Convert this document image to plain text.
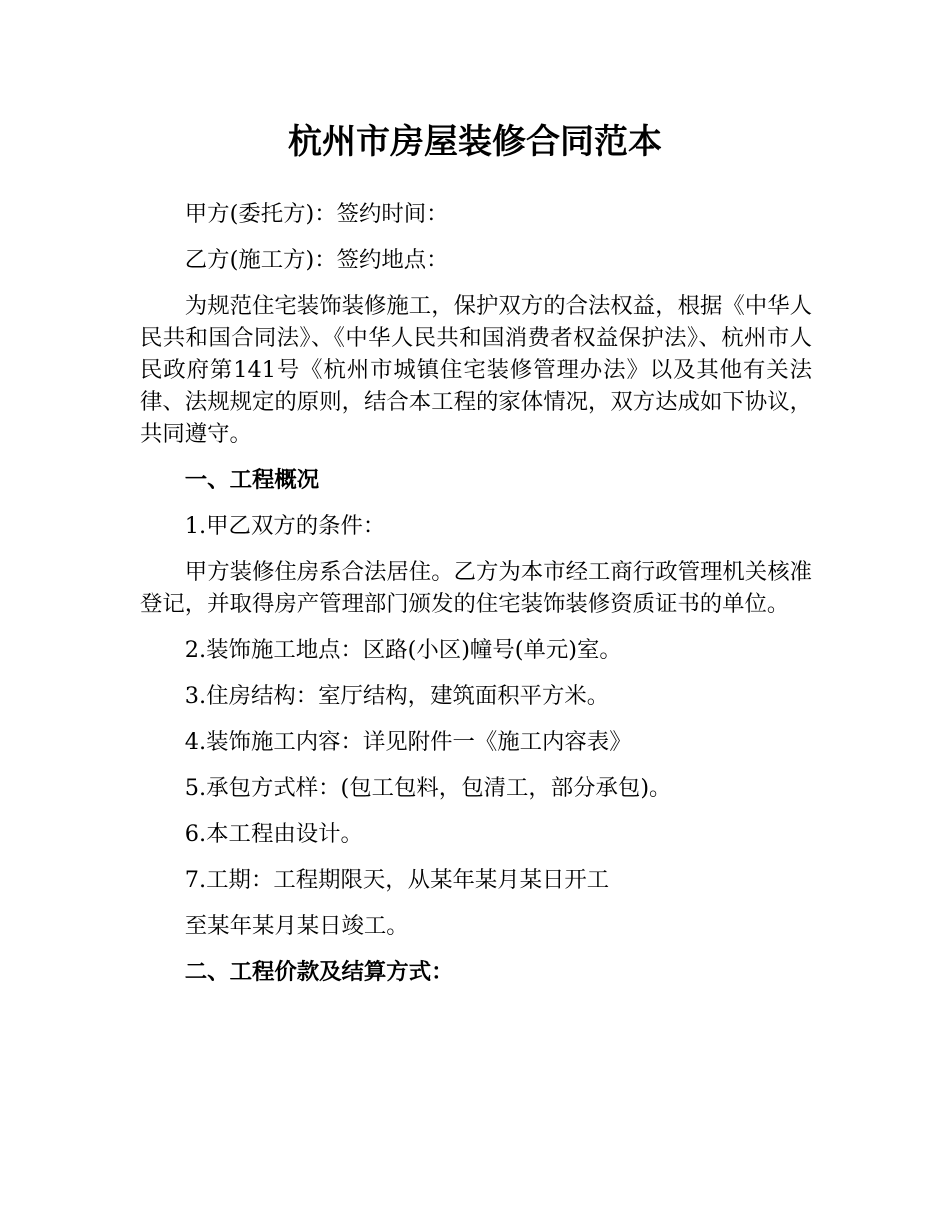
杭州市房屋装修合同范本

甲方(委托方)：签约时间：

乙方(施工方)：签约地点：

为规范住宅装饰装修施工，保护双方的合法权益，根据《中华人民共和国合同法》、《中华人民共和国消费者权益保护法》、杭州市人民政府第141号《杭州市城镇住宅装修管理办法》以及其他有关法律、法规规定的原则，结合本工程的家体情况，双方达成如下协议，共同遵守。

一、工程概况

1.甲乙双方的条件：

甲方装修住房系合法居住。乙方为本市经工商行政管理机关核准登记，并取得房产管理部门颁发的住宅装饰装修资质证书的单位。

2.装饰施工地点：区路(小区)幢号(单元)室。

3.住房结构：室厅结构，建筑面积平方米。

4.装饰施工内容：详见附件一《施工内容表》

5.承包方式样：(包工包料，包清工，部分承包)。

6.本工程由设计。

7.工期：工程期限天，从某年某月某日开工

至某年某月某日竣工。

二、工程价款及结算方式：
